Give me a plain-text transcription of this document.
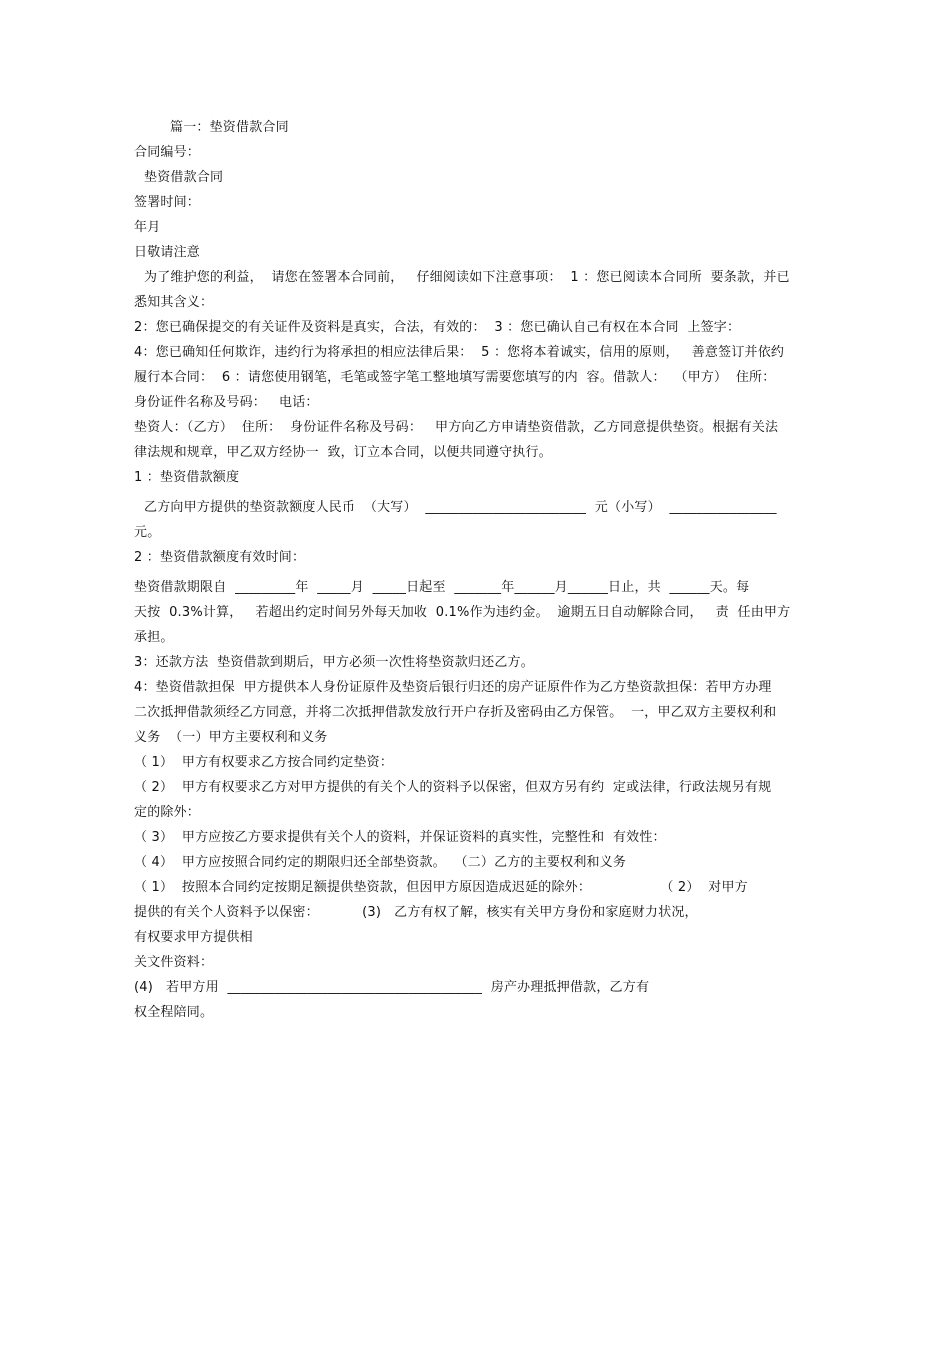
篇一：垫资借款合同
合同编号：
垫资借款合同
签署时间：
年月
日敬请注意
为了维护您的利益，  请您在签署本合同前，   仔细阅读如下注意事项：  1 ：您已阅读本合同所  要条款，并已
悉知其含义：
2：您已确保提交的有关证件及资料是真实，合法，有效的：  3 ：您已确认自己有权在本合同  上签字：
4：您已确知任何欺诈，违约行为将承担的相应法律后果：  5 ：您将本着诚实，信用的原则，   善意签订并依约
履行本合同：  6 ：请您使用钢笔，毛笔或签字笔工整地填写需要您填写的内  容。借款人：  （甲方）  住所：
身份证件名称及号码：   电话：
垫资人：（乙方）  住所：  身份证件名称及号码：   甲方向乙方申请垫资借款，乙方同意提供垫资。根据有关法
律法规和规章，甲乙双方经协一  致，订立本合同，以便共同遵守执行。
1 ：垫资借款额度
乙方向甲方提供的垫资款额度人民币  （大写）  ________________________  元（小写）  ________________
元。
2 ：垫资借款额度有效时间：
垫资借款期限自  _________年  _____月  _____日起至  _______年______月______日止，共  ______天。每
天按  0.3%计算，   若超出约定时间另外每天加收  0.1%作为违约金。  逾期五日自动解除合同，   责  任由甲方
承担。
3：还款方法  垫资借款到期后，甲方必须一次性将垫资款归还乙方。
4：垫资借款担保  甲方提供本人身份证原件及垫资后银行归还的房产证原件作为乙方垫资款担保：若甲方办理
二次抵押借款须经乙方同意，并将二次抵押借款发放行开户存折及密码由乙方保管。  一，甲乙双方主要权利和
义务  （一）甲方主要权利和义务
（ 1）  甲方有权要求乙方按合同约定垫资：
（ 2）  甲方有权要求乙方对甲方提供的有关个人的资料予以保密，但双方另有约  定或法律，行政法规另有规
定的除外：
（ 3）  甲方应按乙方要求提供有关个人的资料，并保证资料的真实性，完整性和  有效性：
（ 4）  甲方应按照合同约定的期限归还全部垫资款。  （二）乙方的主要权利和义务
（ 1）  按照本合同约定按期足额提供垫资款，但因甲方原因造成迟延的除外：                （ 2）  对甲方
提供的有关个人资料予以保密：          (3)   乙方有权了解，核实有关甲方身份和家庭财力状况，
有权要求甲方提供相
关文件资料：
(4)   若甲方用  ______________________________________  房产办理抵押借款，乙方有
权全程陪同。
